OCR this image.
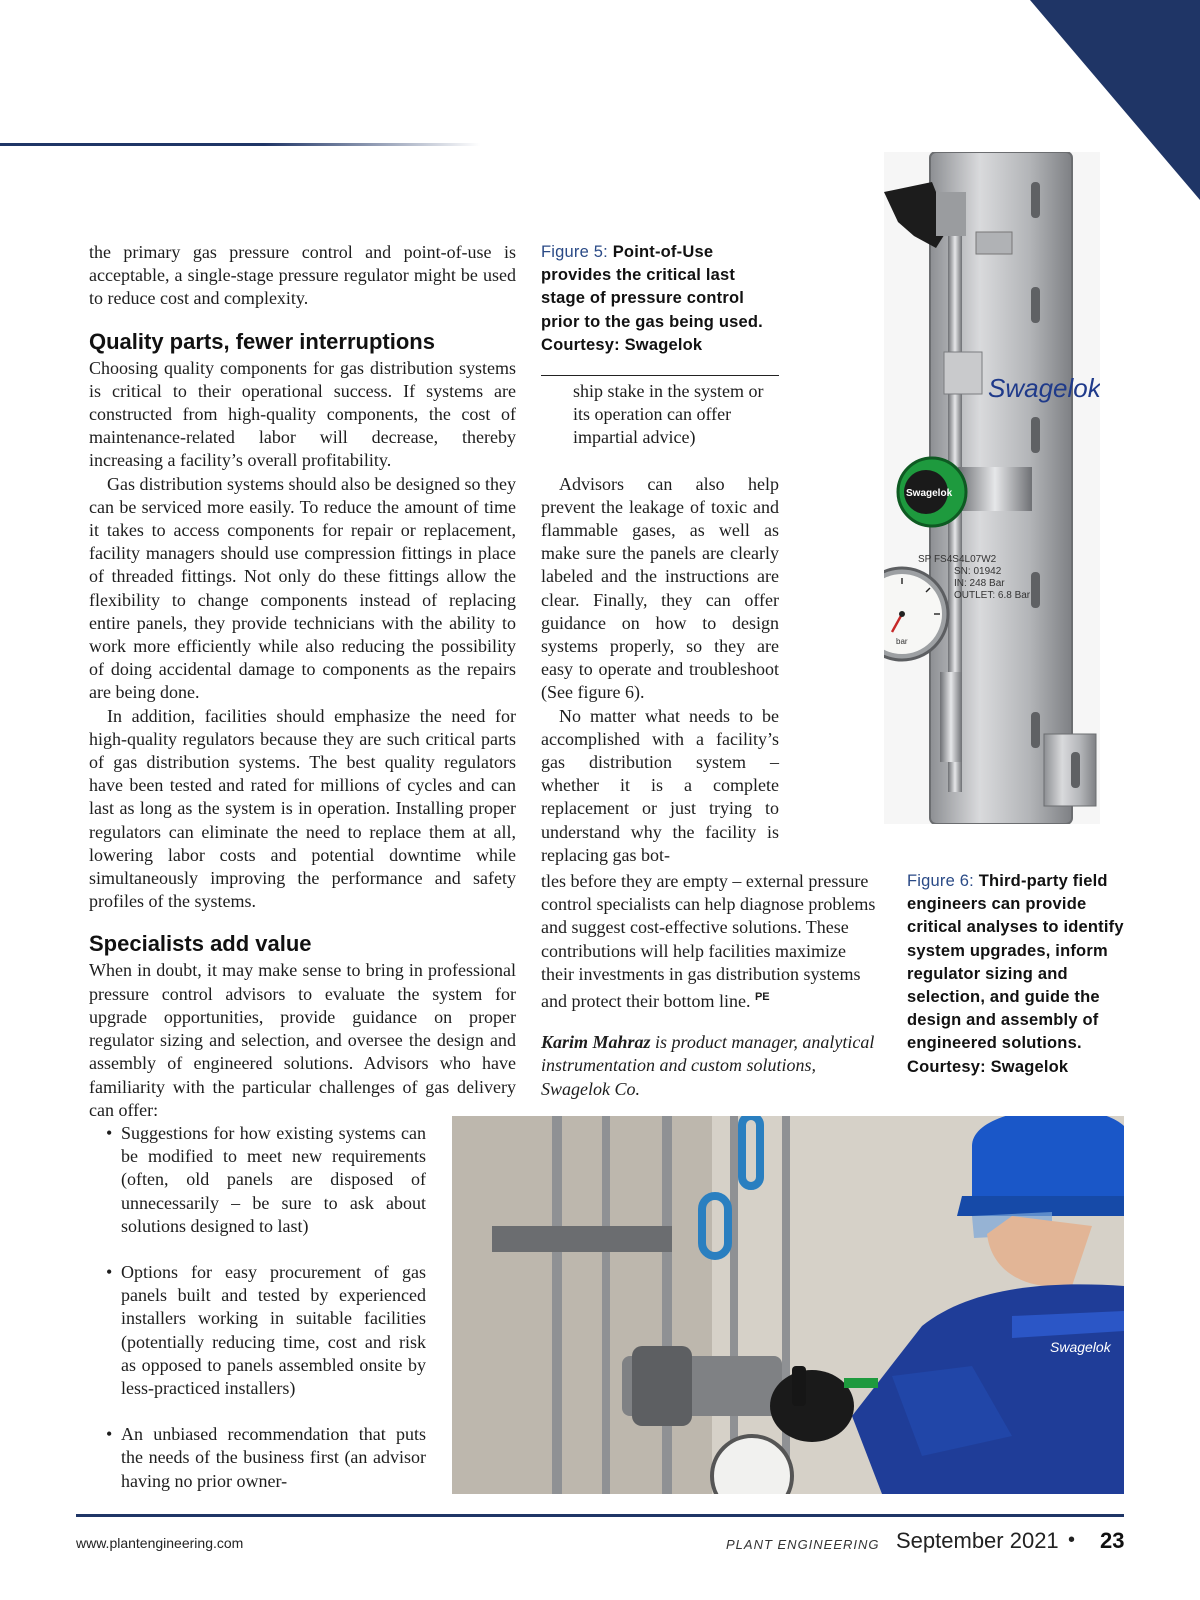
the primary gas pressure control and point-of-use is acceptable, a single-stage pressure regulator might be used to reduce cost and complexity.

Quality parts, fewer interruptions

Choosing quality components for gas distribution systems is critical to their operational success. If systems are constructed from high-quality components, the cost of maintenance-related labor will decrease, thereby increasing a facility’s overall profitability.

Gas distribution systems should also be designed so they can be serviced more easily. To reduce the amount of time it takes to access components for repair or replacement, facility managers should use compression fittings in place of threaded fittings. Not only do these fittings allow the flexibility to change components instead of replacing entire panels, they provide technicians with the ability to work more efficiently while also reducing the possibility of doing accidental damage to components as the repairs are being done.

In addition, facilities should emphasize the need for high-quality regulators because they are such critical parts of gas distribution systems. The best quality regulators have been tested and rated for millions of cycles and can last as long as the system is in operation. Installing proper regulators can eliminate the need to replace them at all, lowering labor costs and potential downtime while simultaneously improving the performance and safety profiles of the systems.

Specialists add value

When in doubt, it may make sense to bring in professional pressure control advisors to evaluate the system for upgrade opportunities, provide guidance on proper regulator sizing and selection, and oversee the design and assembly of engineered solutions. Advisors who have familiarity with the particular challenges of gas delivery can offer:

• Suggestions for how existing systems can be modified to meet new requirements (often, old panels are disposed of unnecessarily – be sure to ask about solutions designed to last)
• Options for easy procurement of gas panels built and tested by experienced installers working in suitable facilities (potentially reducing time, cost and risk as opposed to panels assembled onsite by less-practiced installers)
• An unbiased recommendation that puts the needs of the business first (an advisor having no prior owner-
Figure 5: Point-of-Use provides the critical last stage of pressure control prior to the gas being used. Courtesy: Swagelok

ship stake in the system or its operation can offer impartial advice)

Advisors can also help prevent the leakage of toxic and flammable gases, as well as make sure the panels are clearly labeled and the instructions are clear. Finally, they can offer guidance on how to design systems properly, so they are easy to operate and troubleshoot (See figure 6).

No matter what needs to be accomplished with a facility’s gas distribution system – whether it is a complete replacement or just trying to understand why the facility is replacing gas bot-

tles before they are empty – external pressure control specialists can help diagnose problems and suggest cost-effective solutions. These contributions will help facilities maximize their investments in gas distribution systems and protect their bottom line. $^{PE}$

Karim Mahraz is product manager, analytical instrumentation and custom solutions, Swagelok Co.
Swagelok
Swagelok
SP FS4S4L07W2
SN: 01942
IN: 248 Bar
OUTLET: 6.8 Bar
bar
Figure 6: Third-party field engineers can provide critical analyses to identify system upgrades, inform regulator sizing and selection, and guide the design and assembly of engineered solutions. Courtesy: Swagelok
Swagelok
www.plantengineering.com	PLANT ENGINEERING September 2021 • 23
